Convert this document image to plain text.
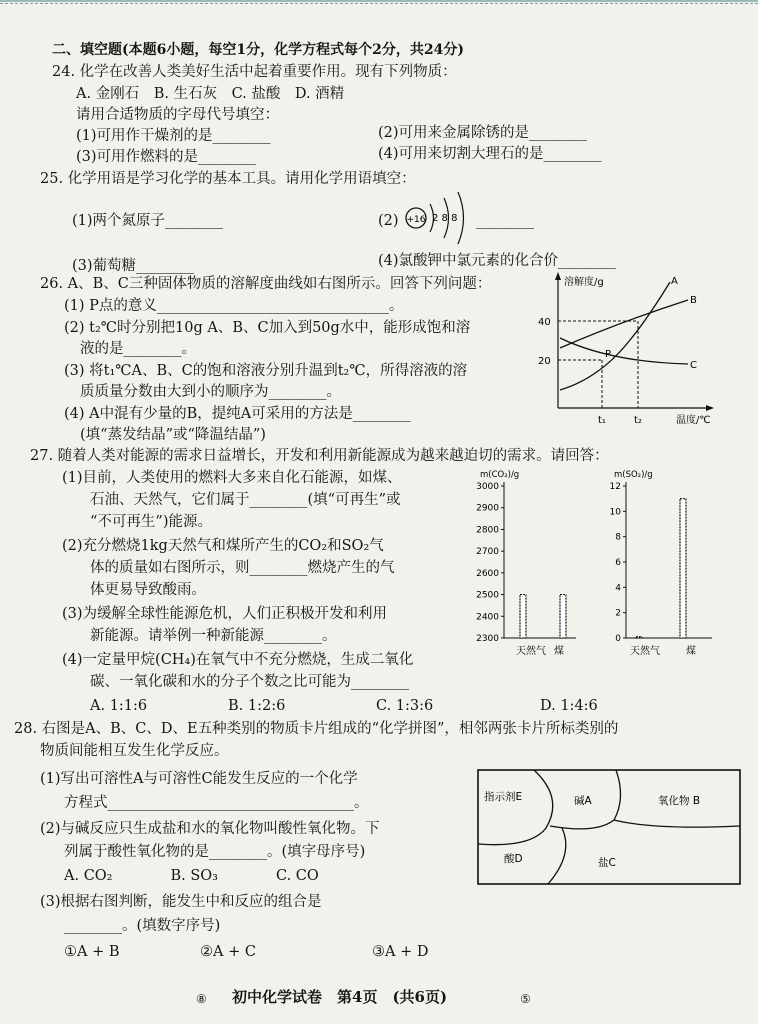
二、填空题(本题6小题，每空1分，化学方程式每个2分，共24分)
24. 化学在改善人类美好生活中起着重要作用。现有下列物质：
A. 金刚石　B. 生石灰　C. 盐酸　D. 酒精
请用合适物质的字母代号填空：
(1)可用作干燥剂的是________	(2)可用来金属除锈的是________
(3)可用作燃料的是________	(4)可用来切割大理石的是________
25. 化学用语是学习化学的基本工具。请用化学用语填空：
(1)两个氮原子________	(2) +16 2 8 8 ________
(3)葡萄糖________	(4)氯酸钾中氯元素的化合价________
26. A、B、C三种固体物质的溶解度曲线如右图所示。回答下列问题：
(1) P点的意义________________________________。
(2) t₂℃时分别把10g A、B、C加入到50g水中，能形成饱和溶
液的是________。
(3) 将t₁℃A、B、C的饱和溶液分别升温到t₂℃，所得溶液的溶
质质量分数由大到小的顺序为________。
(4) A中混有少量的B，提纯A可采用的方法是________
(填“蒸发结晶”或“降温结晶”)
溶解度/g
温度/℃
40
20
t₁	t₂
A
B
C
P
27. 随着人类对能源的需求日益增长，开发和利用新能源成为越来越迫切的需求。请回答：
(1)目前，人类使用的燃料大多来自化石能源，如煤、
石油、天然气，它们属于________(填“可再生”或
“不可再生”)能源。
(2)充分燃烧1kg天然气和煤所产生的CO₂和SO₂气
体的质量如右图所示，则________燃烧产生的气
体更易导致酸雨。
(3)为缓解全球性能源危机，人们正积极开发和利用
新能源。请举例一种新能源________。
(4)一定量甲烷(CH₄)在氧气中不充分燃烧，生成二氧化
碳、一氧化碳和水的分子个数之比可能为________
A. 1:1:6	B. 1:2:6	C. 1:3:6	D. 1:4:6
m(CO₂)/g
2300
2400
2500
2600
2700
2800
2900
3000
天然气 煤
m(SO₂)/g
0
2
4
6
8
10
12
天然气	煤
28. 右图是A、B、C、D、E五种类别的物质卡片组成的“化学拼图”，相邻两张卡片所标类别的
物质间能相互发生化学反应。
(1)写出可溶性A与可溶性C能发生反应的一个化学
方程式__________________________________。
(2)与碱反应只生成盐和水的氧化物叫酸性氧化物。下
列属于酸性氧化物的是________。(填字母序号)
A. CO₂　　　　B. SO₃　　　　C. CO
(3)根据右图判断，能发生中和反应的组合是
________。(填数字序号)
①A + B	②A + C	③A + D
指示剂E	碱A	氧化物 B
酸D	盐C
⑧ 初中化学试卷　第4页　(共6页)	⑤
